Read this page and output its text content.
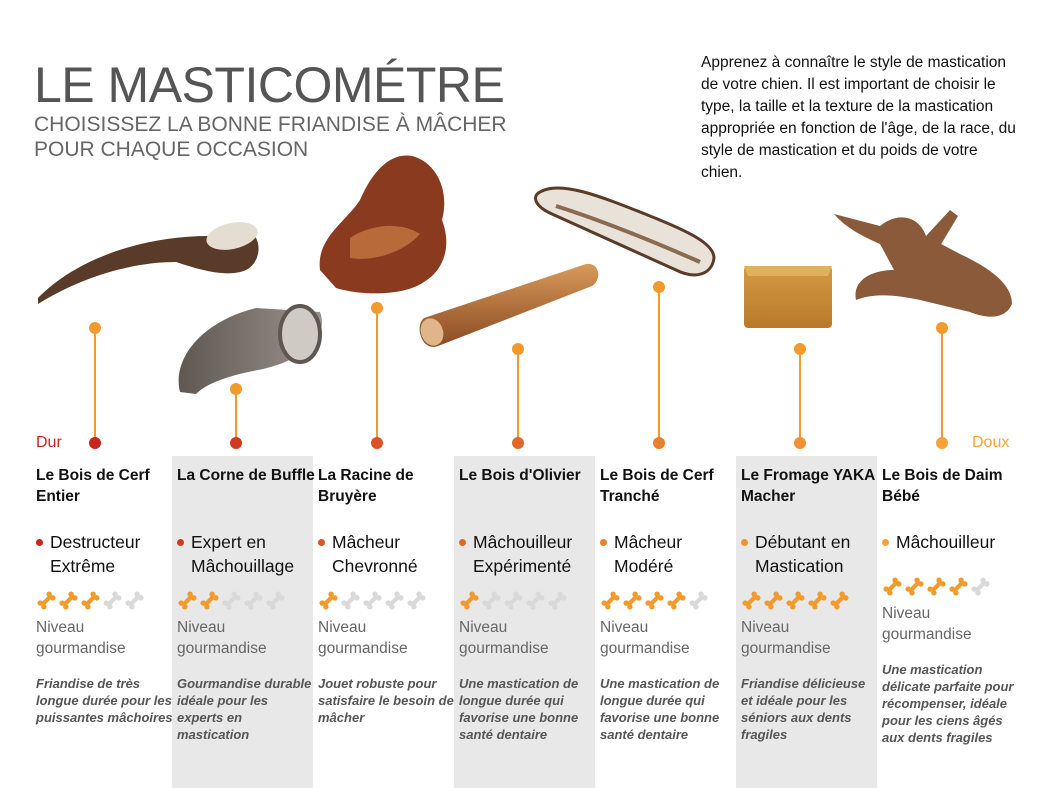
LE MASTICOMÉTRE
CHOISISSEZ LA BONNE FRIANDISE À MÂCHER
POUR CHAQUE OCCASION
Apprenez à connaître le style de mastication de votre chien. Il est important de choisir le type, la taille et la texture de la mastication appropriée en fonction de l'âge, de la race, du style de mastication et du poids de votre chien.
Dur	Doux
Le Bois de Cerf Entier
Destructeur Extrême
Niveau gourmandise
Friandise de très longue durée pour les puissantes mâchoires
La Corne de Buffle
Expert en Mâchouillage
Niveau gourmandise
Gourmandise durable idéale pour les experts en mastication
La Racine de Bruyère
Mâcheur Chevronné
Niveau gourmandise
Jouet robuste pour satisfaire le besoin de mâcher
Le Bois d'Olivier
Mâchouilleur Expérimenté
Niveau gourmandise
Une mastication de longue durée qui favorise une bonne santé dentaire
Le Bois de Cerf Tranché
Mâcheur Modéré
Niveau gourmandise
Une mastication de longue durée qui favorise une bonne santé dentaire
Le Fromage YAKA Macher
Débutant en Mastication
Niveau gourmandise
Friandise délicieuse et idéale pour les séniors aux dents fragiles
Le Bois de Daim Bébé
Mâchouilleur
Niveau gourmandise
Une mastication délicate parfaite pour récompenser, idéale pour les ciens âgés aux dents fragiles
